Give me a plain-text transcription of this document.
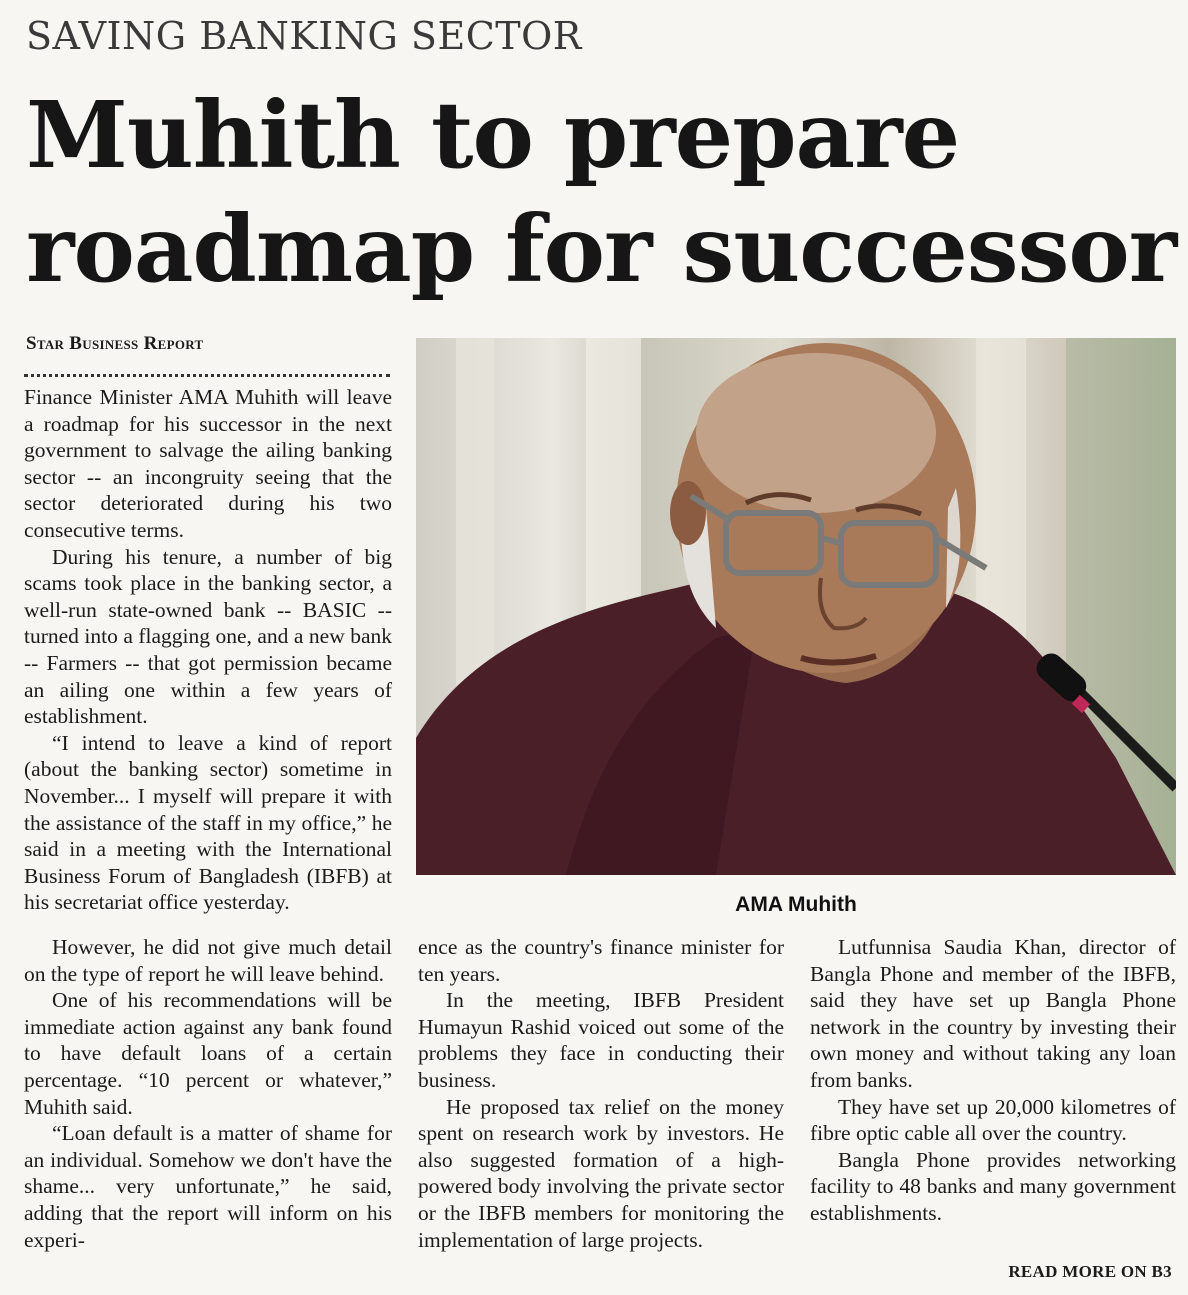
SAVING BANKING SECTOR
Muhith to prepare
roadmap for successor
Star Business Report

Finance Minister AMA Muhith will leave a roadmap for his successor in the next government to salvage the ailing banking sector -- an incongruity seeing that the sector deteriorated during his two consecutive terms.

During his tenure, a number of big scams took place in the banking sector, a well-run state-owned bank -- BASIC -- turned into a flagging one, and a new bank -- Farmers -- that got permission became an ailing one within a few years of establishment.

“I intend to leave a kind of report (about the banking sector) sometime in November... I myself will prepare it with the assistance of the staff in my office,” he said in a meeting with the International Business Forum of Bangladesh (IBFB) at his secretariat office yesterday.	AMA Muhith

However, he did not give much detail on the type of report he will leave behind.

One of his recommendations will be immediate action against any bank found to have default loans of a certain percentage. “10 percent or whatever,” Muhith said.

“Loan default is a matter of shame for an individual. Somehow we don't have the shame... very unfortunate,” he said, adding that the report will inform on his experi-

ence as the country's finance minister for ten years.

In the meeting, IBFB President Humayun Rashid voiced out some of the problems they face in conducting their business.

He proposed tax relief on the money spent on research work by investors. He also suggested formation of a high-powered body involving the private sector or the IBFB members for monitoring the implementation of large projects.

Lutfunnisa Saudia Khan, director of Bangla Phone and member of the IBFB, said they have set up Bangla Phone network in the country by investing their own money and without taking any loan from banks.

They have set up 20,000 kilometres of fibre optic cable all over the country.

Bangla Phone provides networking facility to 48 banks and many government establishments.

READ MORE ON B3
